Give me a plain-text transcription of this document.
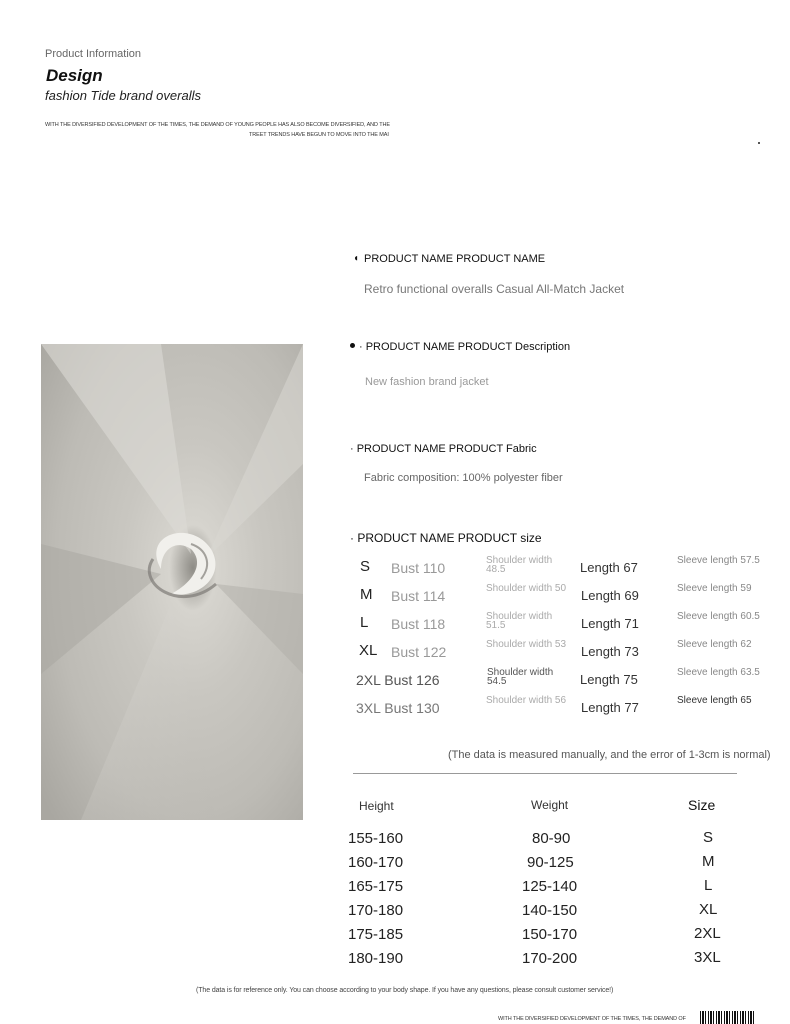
Product Information
Design
fashion Tide brand overalls
WITH THE DIVERSIFIED DEVELOPMENT OF THE TIMES, THE DEMAND OF YOUNG PEOPLE HAS ALSO BECOME DIVERSIFIED, AND THE
TREET TRENDS HAVE BEGUN TO MOVE INTO THE MAI
◖ PRODUCT NAME PRODUCT NAME
Retro functional overalls Casual All-Match Jacket
· PRODUCT NAME PRODUCT Description
New fashion brand jacket
· PRODUCT NAME PRODUCT Fabric
Fabric composition: 100% polyester fiber
· PRODUCT NAME PRODUCT size
S Bust 110	Shoulder width 48.5	Length 67	Sleeve length 57.5
M Bust 114	Shoulder width 50	Length 69	Sleeve length 59
L Bust 118	Shoulder width 51.5	Length 71	Sleeve length 60.5
XL Bust 122	Shoulder width 53	Length 73	Sleeve length 62
2XL Bust 126	Shoulder width 54.5	Length 75	Sleeve length 63.5
3XL Bust 130	Shoulder width 56	Length 77	Sleeve length 65
(The data is measured manually, and the error of 1-3cm is normal)
Height	Weight	Size
155-160	80-90	S
160-170	90-125	M
165-175	125-140	L
170-180	140-150	XL
175-185	150-170	2XL
180-190	170-200	3XL
(The data is for reference only. You can choose according to your body shape. If you have any questions, please consult customer service!)
WITH THE DIVERSIFIED DEVELOPMENT OF THE TIMES, THE DEMAND OF
